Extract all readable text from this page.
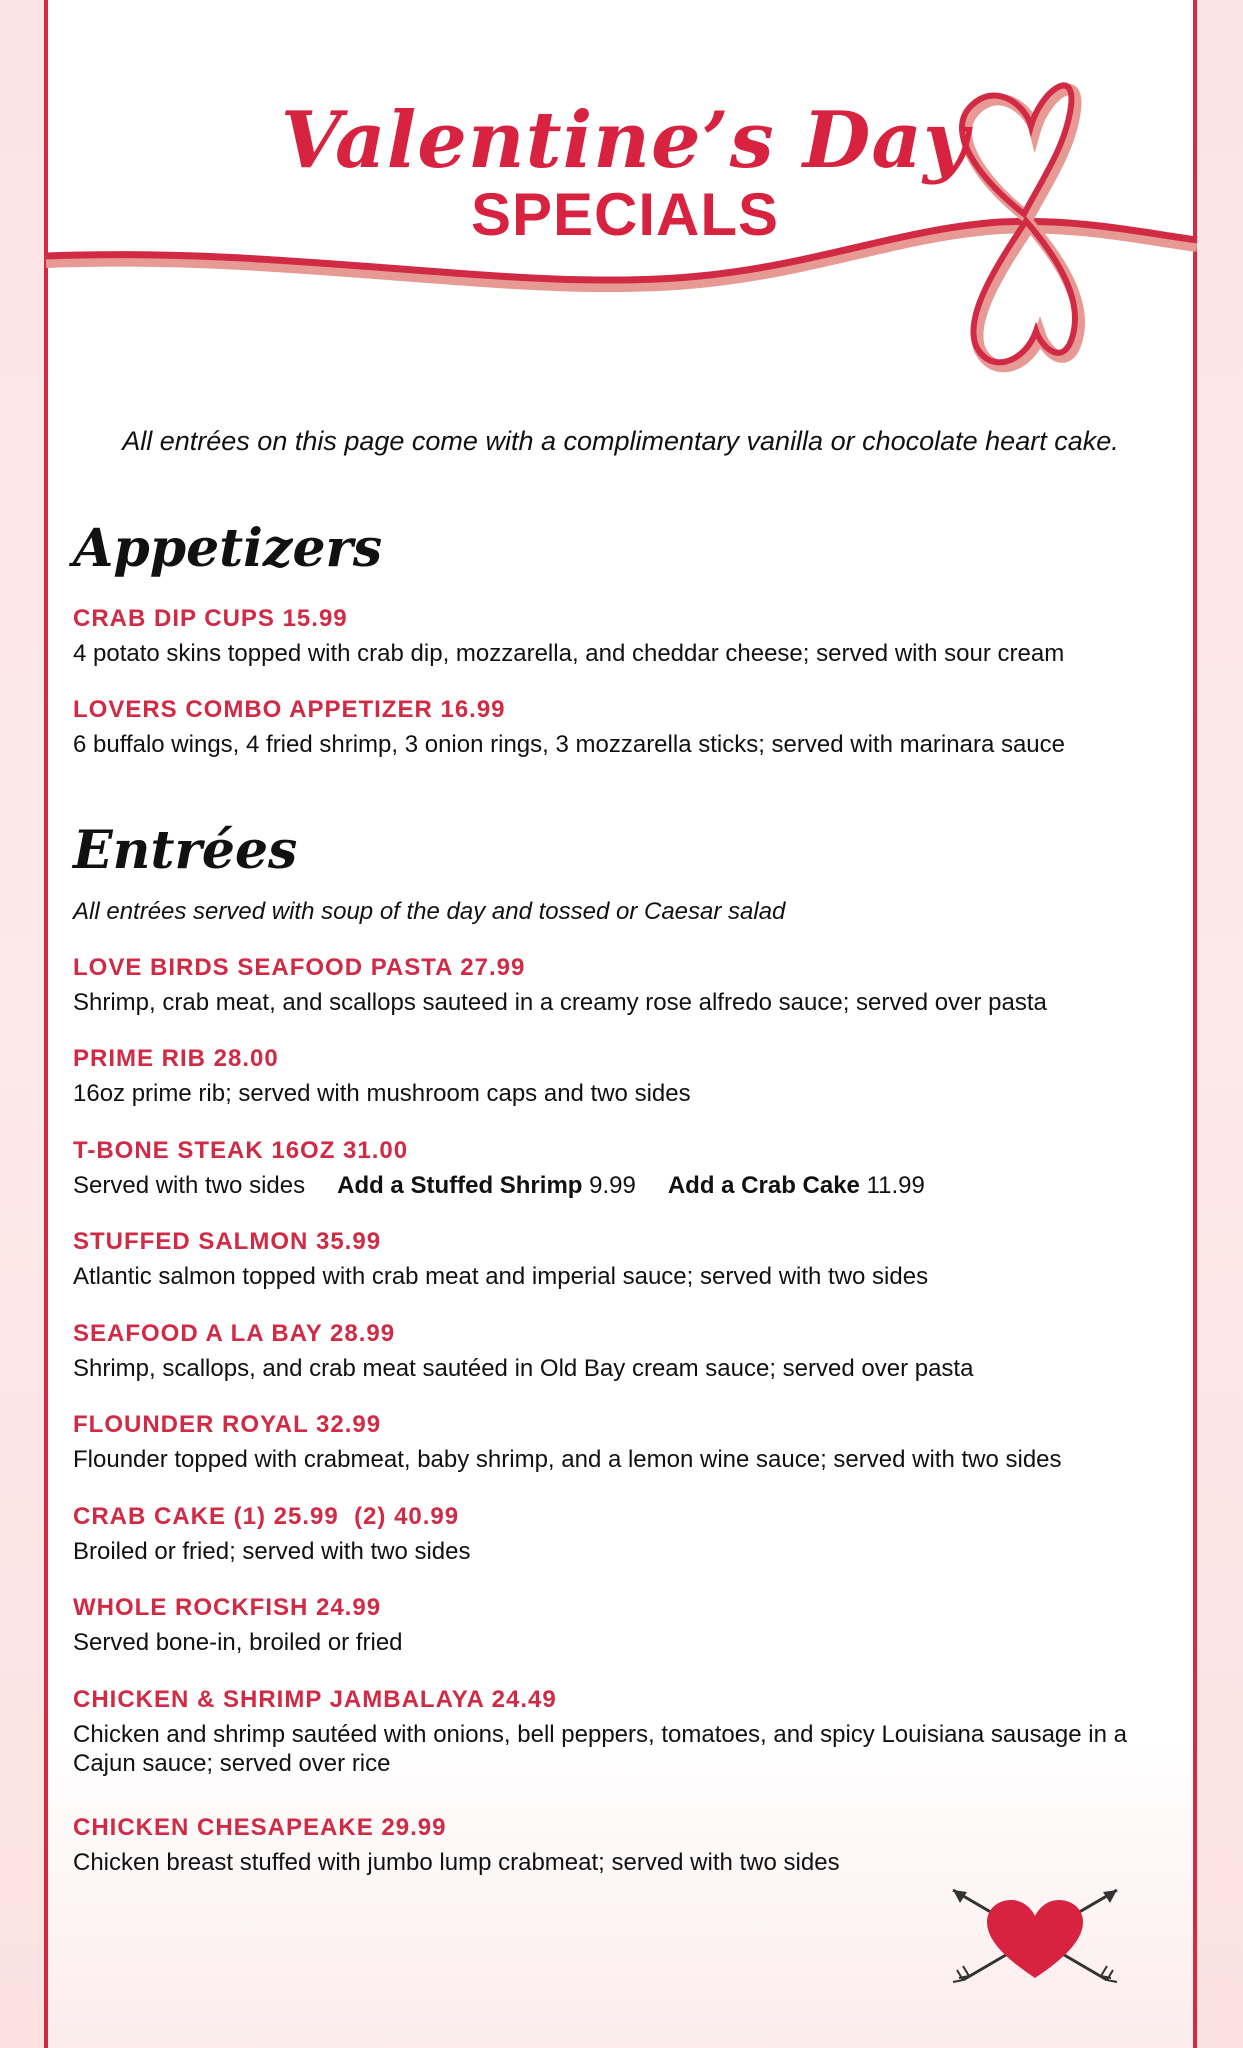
Valentine’s Day
SPECIALS

All entrées on this page come with a complimentary vanilla or chocolate heart cake.

Appetizers

CRAB DIP CUPS 15.99

4 potato skins topped with crab dip, mozzarella, and cheddar cheese; served with sour cream

LOVERS COMBO APPETIZER 16.99

6 buffalo wings, 4 fried shrimp, 3 onion rings, 3 mozzarella sticks; served with marinara sauce

Entrées

All entrées served with soup of the day and tossed or Caesar salad

LOVE BIRDS SEAFOOD PASTA 27.99

Shrimp, crab meat, and scallops sauteed in a creamy rose alfredo sauce; served over pasta

PRIME RIB 28.00

16oz prime rib; served with mushroom caps and two sides

T-BONE STEAK 16OZ 31.00

Served with two sides Add a Stuffed Shrimp 9.99 Add a Crab Cake 11.99

STUFFED SALMON 35.99

Atlantic salmon topped with crab meat and imperial sauce; served with two sides

SEAFOOD A LA BAY 28.99

Shrimp, scallops, and crab meat sautéed in Old Bay cream sauce; served over pasta

FLOUNDER ROYAL 32.99

Flounder topped with crabmeat, baby shrimp, and a lemon wine sauce; served with two sides

CRAB CAKE (1) 25.99  (2) 40.99

Broiled or fried; served with two sides

WHOLE ROCKFISH 24.99

Served bone-in, broiled or fried

CHICKEN & SHRIMP JAMBALAYA 24.49

Chicken and shrimp sautéed with onions, bell peppers, tomatoes, and spicy Louisiana sausage in a Cajun sauce; served over rice

CHICKEN CHESAPEAKE 29.99

Chicken breast stuffed with jumbo lump crabmeat; served with two sides
